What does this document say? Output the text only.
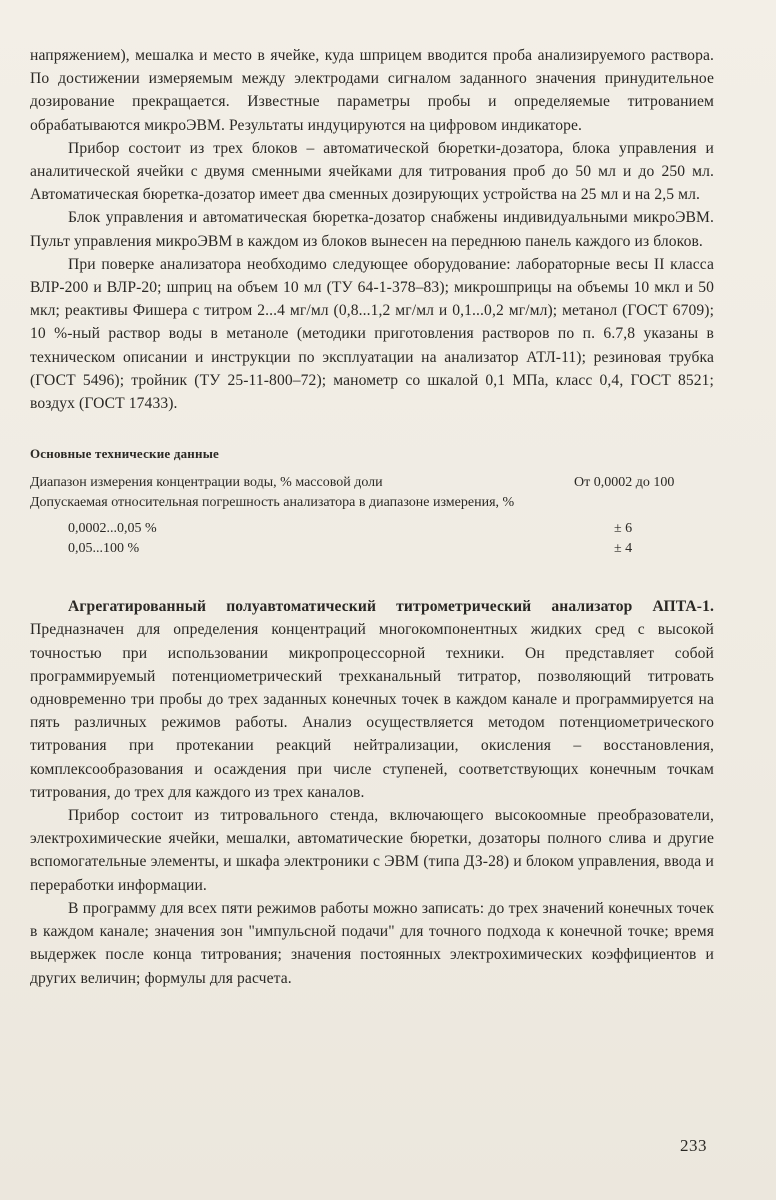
напряжением), мешалка и место в ячейке, куда шприцем вводится проба анализируемого раствора. По достижении измеряемым между электродами сигналом заданного значения принудительное дозирование прекращается. Известные параметры пробы и определяемые титрованием обрабатываются микроЭВМ. Результаты индуцируются на цифровом индикаторе.

Прибор состоит из трех блоков – автоматической бюретки-дозатора, блока управления и аналитической ячейки с двумя сменными ячейками для титрования проб до 50 мл и до 250 мл. Автоматическая бюретка-дозатор имеет два сменных дозирующих устройства на 25 мл и на 2,5 мл.

Блок управления и автоматическая бюретка-дозатор снабжены индивидуальными микроЭВМ. Пульт управления микроЭВМ в каждом из блоков вынесен на переднюю панель каждого из блоков.

При поверке анализатора необходимо следующее оборудование: лабораторные весы II класса ВЛР-200 и ВЛР-20; шприц на объем 10 мл (ТУ 64-1-378–83); микрошприцы на объемы 10 мкл и 50 мкл; реактивы Фишера с титром 2...4 мг/мл (0,8...1,2 мг/мл и 0,1...0,2 мг/мл); метанол (ГОСТ 6709); 10 %-ный раствор воды в метаноле (методики приготовления растворов по п. 6.7,8 указаны в техническом описании и инструкции по эксплуатации на анализатор АТЛ-11); резиновая трубка (ГОСТ 5496); тройник (ТУ 25-11-800–72); манометр со шкалой 0,1 МПа, класс 0,4, ГОСТ 8521; воздух (ГОСТ 17433).

Основные технические данные
Диапазон измерения концентрации воды, % массовой доли	От 0,0002 до 100
Допускаемая относительная погрешность анализатора в диапазоне измерения, %
0,0002...0,05 %	± 6
0,05...100 %	± 4

Агрегатированный полуавтоматический титрометрический анализатор АПТА-1. Предназначен для определения концентраций многокомпонентных жидких сред с высокой точностью при использовании микропроцессорной техники. Он представляет собой программируемый потенциометрический трехканальный титратор, позволяющий титровать одновременно три пробы до трех заданных конечных точек в каждом канале и программируется на пять различных режимов работы. Анализ осуществляется методом потенциометрического титрования при протекании реакций нейтрализации, окисления – восстановления, комплексообразования и осаждения при числе ступеней, соответствующих конечным точкам титрования, до трех для каждого из трех каналов.

Прибор состоит из титровального стенда, включающего высокоомные преобразователи, электрохимические ячейки, мешалки, автоматические бюретки, дозаторы полного слива и другие вспомогательные элементы, и шкафа электроники с ЭВМ (типа ДЗ-28) и блоком управления, ввода и переработки информации.

В программу для всех пяти режимов работы можно записать: до трех значений конечных точек в каждом канале; значения зон "импульсной подачи" для точного подхода к конечной точке; время выдержек после конца титрования; значения постоянных электрохимических коэффициентов и других величин; формулы для расчета.

233
